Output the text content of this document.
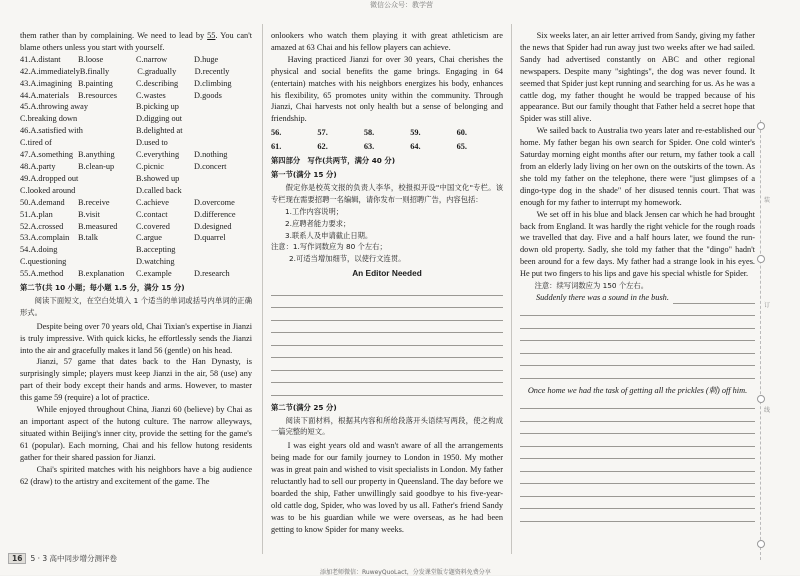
微信公众号：教学营

them rather than by complaining. We need to lead by 55. You can't blame others unless you start with yourself.

41.A.distant	B.loose	C.narrow	D.huge
42.A.immediately B.finally	C.gradually	D.recently
43.A.imagining B.painting	C.describing	D.climbing
44.A.materials	B.resources	C.wastes	D.goods
45.A.throwing away	B.picking up
C.breaking down	D.digging out
46.A.satisfied with	B.delighted at
C.tired of	D.used to
47.A.something B.anything	C.everything	D.nothing
48.A.party	B.clean-up	C.picnic	D.concert
49.A.dropped out	B.showed up
C.looked around	D.called back
50.A.demand	B.receive	C.achieve	D.overcome
51.A.plan	B.visit	C.contact	D.difference
52.A.crossed	B.measured	C.covered	D.designed
53.A.complain	B.talk	C.argue	D.quarrel
54.A.doing	B.accepting
C.questioning	D.watching
55.A.method	B.explanation	C.example	D.research
第二节(共 10 小题；每小题 1.5 分，满分 15 分)

阅读下面短文，在空白处填入 1 个适当的单词或括号内单词的正确形式。

Despite being over 70 years old, Chai Tixian's expertise in Jianzi is truly impressive. With quick kicks, he effortlessly sends the Jianzi into the air and gracefully makes it land 56 (gentle) on his head.

Jianzi, 57 game that dates back to the Han Dynasty, is surprisingly simple; players must keep Jianzi in the air, 58 (use) any part of their body except their hands and arms. However, to master this game 59 (require) a lot of practice.

While enjoyed throughout China, Jianzi 60 (believe) by Chai as an important aspect of the hutong culture. The narrow alleyways, situated within Beijing's inner city, provide the setting for the game's 61 (popular). Each morning, Chai and his fellow hutong residents gather for their shared passion for Jianzi.

Chai's spirited matches with his neighbors have a big audience 62 (draw) to the artistry and excitement of the game. The

onlookers who watch them playing it with great athleticism are amazed at 63 Chai and his fellow players can achieve.

Having practiced Jianzi for over 30 years, Chai cherishes the physical and social benefits the game brings. Engaging in 64 (entertain) matches with his neighbors energizes his body, enhances his flexibility, 65 promotes unity within the community. Through Jianzi, Chai harvests not only health but a sense of belonging and friendship.

56.	57.	58.	59.	60.
61.	62.	63.	64.	65.
第四部分　写作(共两节，满分 40 分)
第一节(满分 15 分)

假定你是校英文报的负责人李华，校报拟开设"中国文化"专栏。该专栏现在需要招聘一名编辑，请你发布一则招聘广告，内容包括：

1.工作内容说明；
2.应聘者能力要求；
3.联系人及申请截止日期。
注意：1.写作词数应为 80 个左右；
2.可适当增加细节，以使行文连贯。
An Editor Needed
第二节(满分 25 分)

阅读下面材料，根据其内容和所给段落开头语续写两段，使之构成一篇完整的短文。

I was eight years old and wasn't aware of all the arrangements being made for our family journey to London in 1950. My mother was in great pain and wished to visit specialists in London. My father reluctantly had to sell our property in Queensland. The day before we boarded the ship, Father unwillingly said goodbye to his five-year-old cattle dog, Spider, who was loved by us all. Father's friend Sandy was to be his guardian while we were overseas, as he had been getting to know Spider for many weeks.

Six weeks later, an air letter arrived from Sandy, giving my father the news that Spider had run away just two weeks after we had sailed. Sandy had advertised constantly on ABC and other regional newspapers. Despite many "sightings", the dog was never found. It seemed that Spider just kept running and searching for us. As he was a cattle dog, my father thought he would be trapped because of his appearance. But our family thought that Father held a secret hope that Spider was still alive.

We sailed back to Australia two years later and re-established our home. My father began his own search for Spider. One cold winter's Saturday morning eight months after our return, my father took a call from an elderly lady living on her own on the outskirts of the town. As she told my father on the telephone, there were "just glimpses of a dingo-type dog in the shade" of her disused tennis court. That was enough for my father to interrupt my homework.

We set off in his blue and black Jensen car which he had brought back from England. It was hardly the right vehicle for the rough roads we travelled that day. Five and a half hours later, we found the run-down old property. Sadly, she told my father that the "dingo" hadn't been around for a few days. My father had a strange look in his eyes. He put two fingers to his lips and gave his special whistle for Spider.

注意：续写词数应为 150 个左右。

Suddenly there was a sound in the bush.
Once home we had the task of getting all the prickles (刺) off him.
装
订
线
16	5 · 3 高中同步增分测评卷
添加老师微信：RuweyQuoLact，分发课堂版专题资料免费分享
